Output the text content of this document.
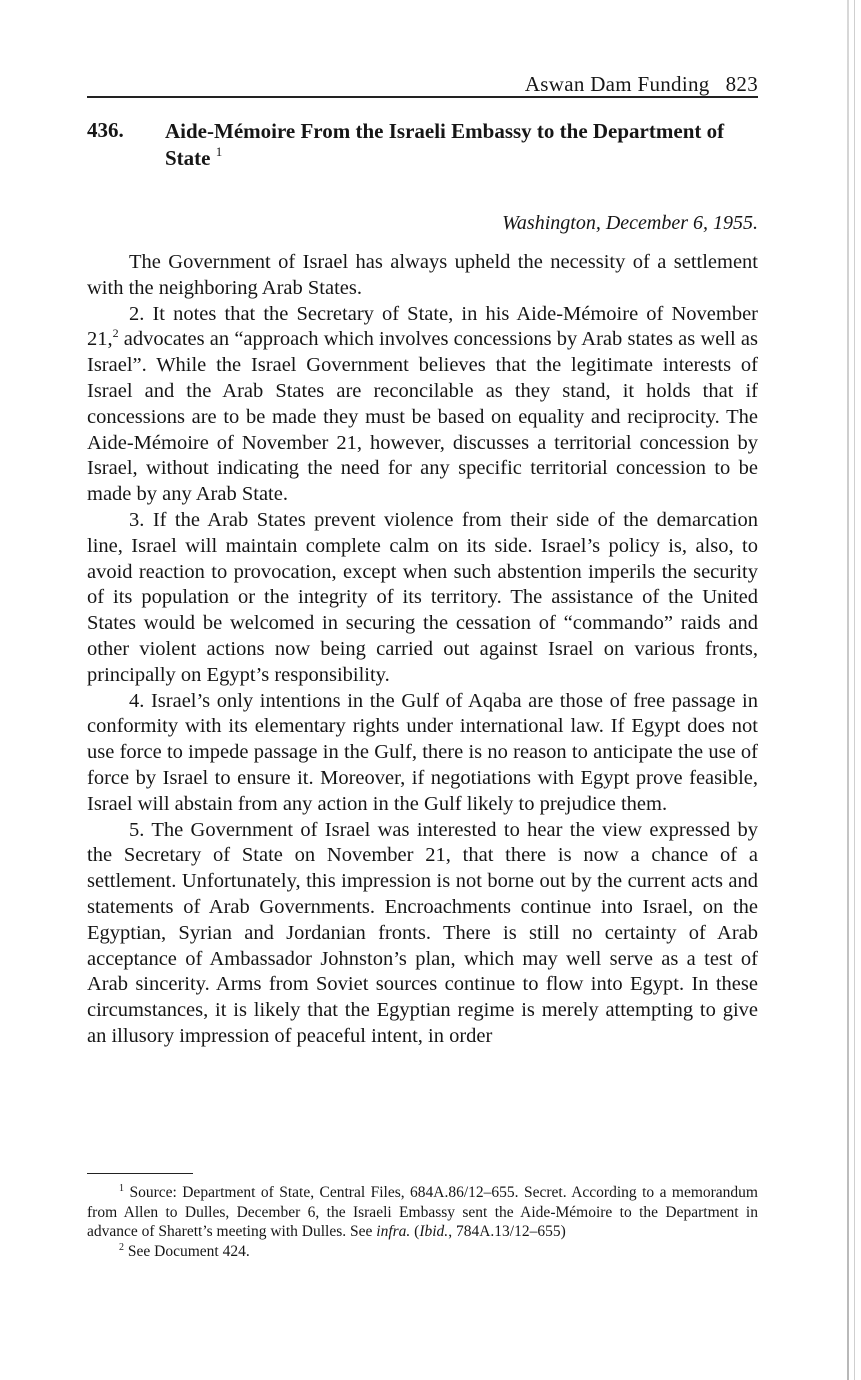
Aswan Dam Funding 823
436. Aide-Mémoire From the Israeli Embassy to the Department of State $^1$
Washington, December 6, 1955.

The Government of Israel has always upheld the necessity of a settlement with the neighboring Arab States.

2. It notes that the Secretary of State, in his Aide-Mémoire of November 21,$^2$ advocates an “approach which involves concessions by Arab states as well as Israel”. While the Israel Government believes that the legitimate interests of Israel and the Arab States are reconcilable as they stand, it holds that if concessions are to be made they must be based on equality and reciprocity. The Aide-Mémoire of November 21, however, discusses a territorial concession by Israel, without indicating the need for any specific territorial concession to be made by any Arab State.

3. If the Arab States prevent violence from their side of the demarcation line, Israel will maintain complete calm on its side. Israel’s policy is, also, to avoid reaction to provocation, except when such abstention imperils the security of its population or the integrity of its territory. The assistance of the United States would be welcomed in securing the cessation of “commando” raids and other violent actions now being carried out against Israel on various fronts, principally on Egypt’s responsibility.

4. Israel’s only intentions in the Gulf of Aqaba are those of free passage in conformity with its elementary rights under international law. If Egypt does not use force to impede passage in the Gulf, there is no reason to anticipate the use of force by Israel to ensure it. Moreover, if negotiations with Egypt prove feasible, Israel will abstain from any action in the Gulf likely to prejudice them.

5. The Government of Israel was interested to hear the view expressed by the Secretary of State on November 21, that there is now a chance of a settlement. Unfortunately, this impression is not borne out by the current acts and statements of Arab Governments. Encroachments continue into Israel, on the Egyptian, Syrian and Jordanian fronts. There is still no certainty of Arab acceptance of Ambassador Johnston’s plan, which may well serve as a test of Arab sincerity. Arms from Soviet sources continue to flow into Egypt. In these circumstances, it is likely that the Egyptian regime is merely attempting to give an illusory impression of peaceful intent, in order

$^1$ Source: Department of State, Central Files, 684A.86/12–655. Secret. According to a memorandum from Allen to Dulles, December 6, the Israeli Embassy sent the Aide-Mémoire to the Department in advance of Sharett’s meeting with Dulles. See infra. (Ibid., 784A.13/12–655)

$^2$ See Document 424.
